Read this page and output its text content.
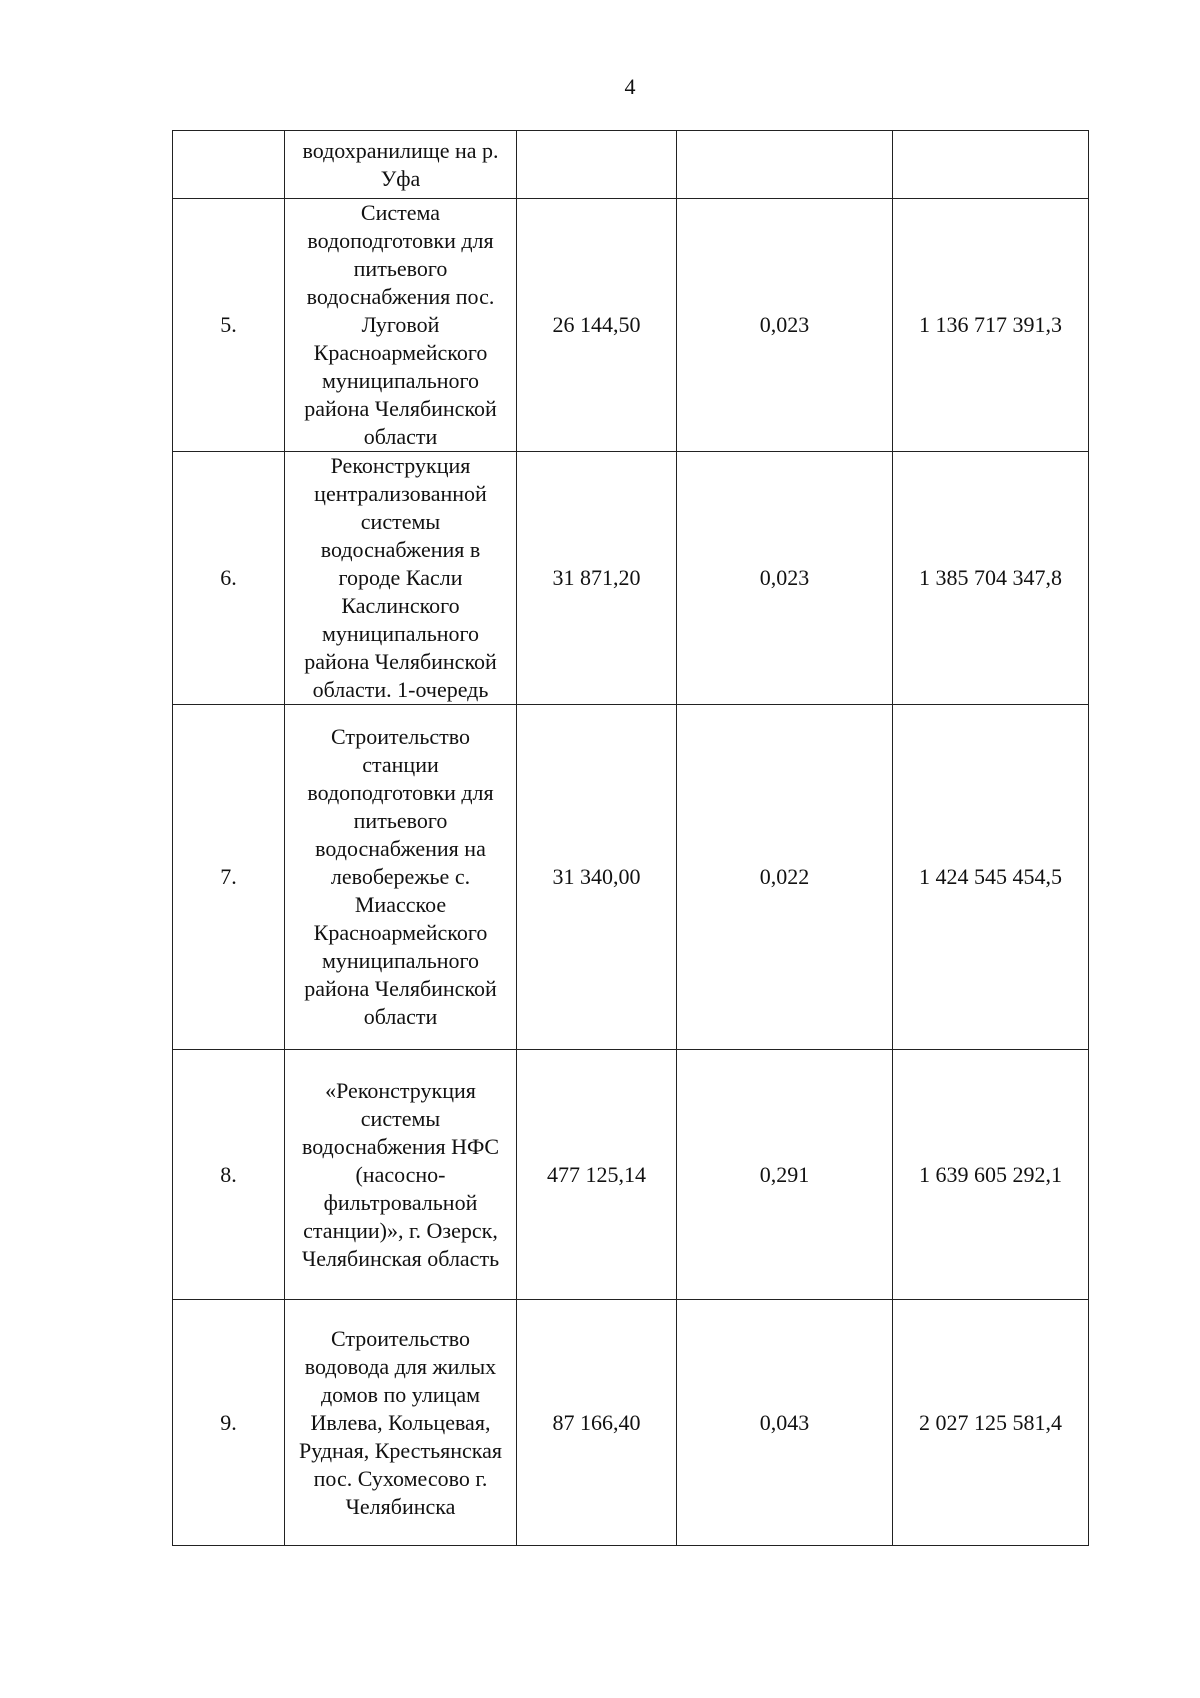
4
	водохранилище на р. Уфа			
5.	Система водоподготовки для питьевого водоснабжения пос. Луговой Красноармейского муниципального района Челябинской области	26 144,50	0,023	1 136 717 391,3
6.	Реконструкция централизованной системы водоснабжения в городе Касли Каслинского муниципального района Челябинской области. 1-очередь	31 871,20	0,023	1 385 704 347,8
7.	Строительство станции водоподготовки для питьевого водоснабжения на левобережье с. Миасское Красноармейского муниципального района Челябинской области	31 340,00	0,022	1 424 545 454,5
8.	«Реконструкция системы водоснабжения НФС (насосно-фильтровальной станции)», г. Озерск, Челябинская область	477 125,14	0,291	1 639 605 292,1
9.	Строительство водовода для жилых домов по улицам Ивлева, Кольцевая, Рудная, Крестьянская пос. Сухомесово г. Челябинска	87 166,40	0,043	2 027 125 581,4
